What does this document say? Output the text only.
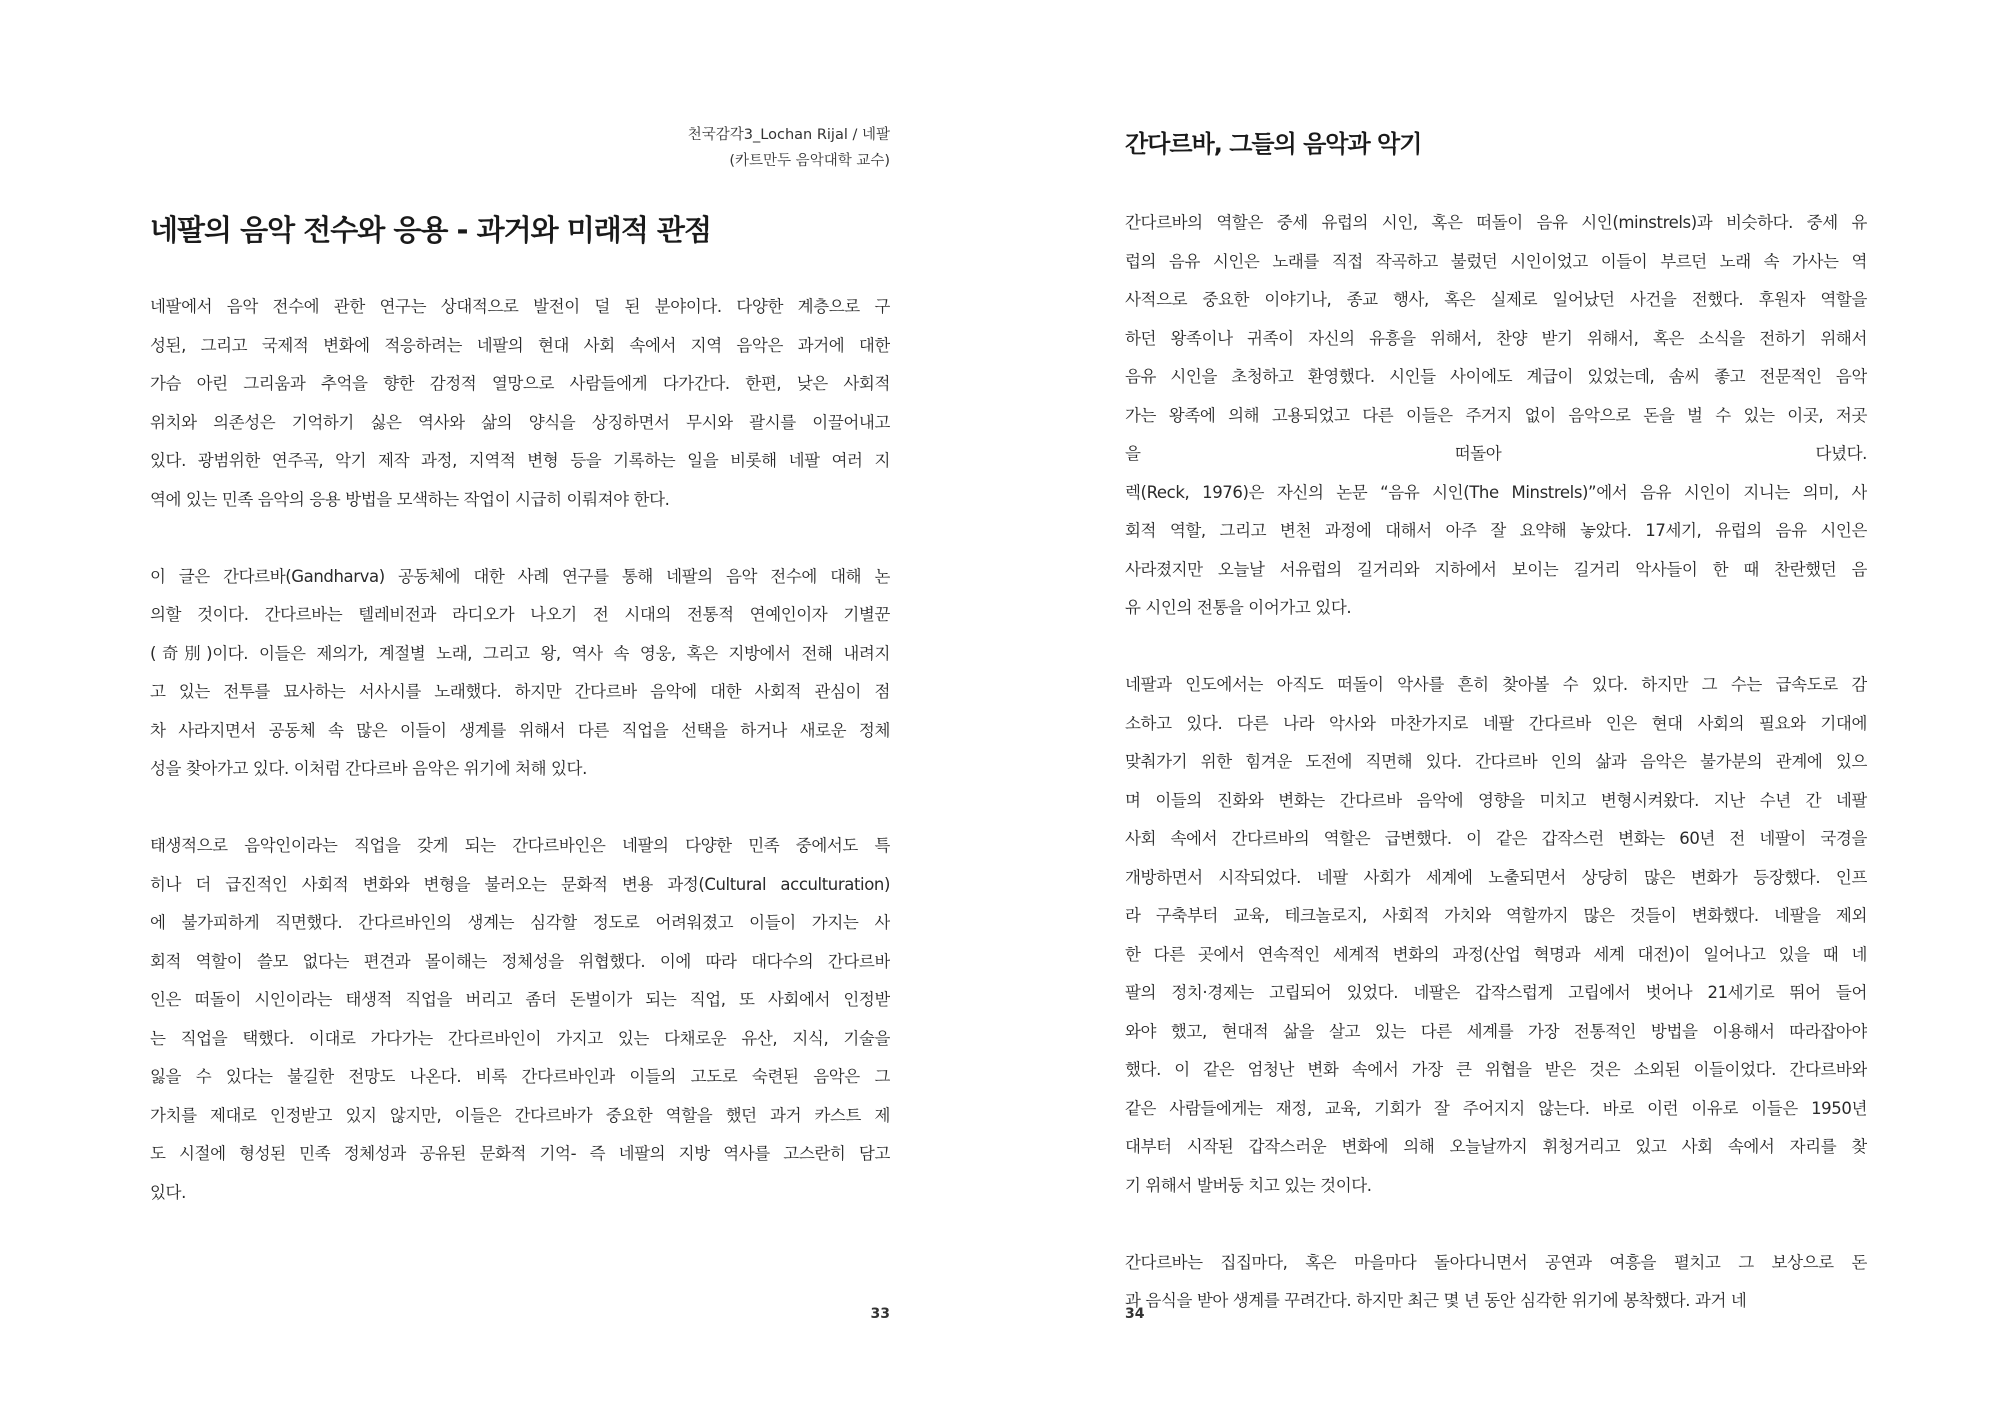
천국감각3_Lochan Rijal / 네팔
(카트만두 음악대학 교수)
네팔의 음악 전수와 응용 - 과거와 미래적 관점
네팔에서 음악 전수에 관한 연구는 상대적으로 발전이 덜 된 분야이다. 다양한 계층으로 구
성된, 그리고 국제적 변화에 적응하려는 네팔의 현대 사회 속에서 지역 음악은 과거에 대한
가슴 아린 그리움과 추억을 향한 감정적 열망으로 사람들에게 다가간다. 한편, 낮은 사회적
위치와 의존성은 기억하기 싫은 역사와 삶의 양식을 상징하면서 무시와 괄시를 이끌어내고
있다. 광범위한 연주곡, 악기 제작 과정, 지역적 변형 등을 기록하는 일을 비롯해 네팔 여러 지
역에 있는 민족 음악의 응용 방법을 모색하는 작업이 시급히 이뤄져야 한다.
이 글은 간다르바(Gandharva) 공동체에 대한 사례 연구를 통해 네팔의 음악 전수에 대해 논
의할 것이다. 간다르바는 텔레비전과 라디오가 나오기 전 시대의 전통적 연예인이자 기별꾼
(奇別)이다. 이들은 제의가, 계절별 노래, 그리고 왕, 역사 속 영웅, 혹은 지방에서 전해 내려지
고 있는 전투를 묘사하는 서사시를 노래했다. 하지만 간다르바 음악에 대한 사회적 관심이 점
차 사라지면서 공동체 속 많은 이들이 생계를 위해서 다른 직업을 선택을 하거나 새로운 정체
성을 찾아가고 있다. 이처럼 간다르바 음악은 위기에 처해 있다.
태생적으로 음악인이라는 직업을 갖게 되는 간다르바인은 네팔의 다양한 민족 중에서도 특
히나 더 급진적인 사회적 변화와 변형을 불러오는 문화적 변용 과정(Cultural acculturation)
에 불가피하게 직면했다. 간다르바인의 생계는 심각할 정도로 어려워졌고 이들이 가지는 사
회적 역할이 쓸모 없다는 편견과 몰이해는 정체성을 위협했다. 이에 따라 대다수의 간다르바
인은 떠돌이 시인이라는 태생적 직업을 버리고 좀더 돈벌이가 되는 직업, 또 사회에서 인정받
는 직업을 택했다. 이대로 가다가는 간다르바인이 가지고 있는 다채로운 유산, 지식, 기술을
잃을 수 있다는 불길한 전망도 나온다. 비록 간다르바인과 이들의 고도로 숙련된 음악은 그
가치를 제대로 인정받고 있지 않지만, 이들은 간다르바가 중요한 역할을 했던 과거 카스트 제
도 시절에 형성된 민족 정체성과 공유된 문화적 기억- 즉 네팔의 지방 역사를 고스란히 담고
있다.
33
간다르바, 그들의 음악과 악기
간다르바의 역할은 중세 유럽의 시인, 혹은 떠돌이 음유 시인(minstrels)과 비슷하다. 중세 유
럽의 음유 시인은 노래를 직접 작곡하고 불렀던 시인이었고 이들이 부르던 노래 속 가사는 역
사적으로 중요한 이야기나, 종교 행사, 혹은 실제로 일어났던 사건을 전했다. 후원자 역할을
하던 왕족이나 귀족이 자신의 유흥을 위해서, 찬양 받기 위해서, 혹은 소식을 전하기 위해서
음유 시인을 초청하고 환영했다. 시인들 사이에도 계급이 있었는데, 솜씨 좋고 전문적인 음악
가는 왕족에 의해 고용되었고 다른 이들은 주거지 없이 음악으로 돈을 벌 수 있는 이곳, 저곳
을 떠돌아 다녔다.
렉(Reck, 1976)은 자신의 논문 “음유 시인(The Minstrels)”에서 음유 시인이 지니는 의미, 사
회적 역할, 그리고 변천 과정에 대해서 아주 잘 요약해 놓았다. 17세기, 유럽의 음유 시인은
사라졌지만 오늘날 서유럽의 길거리와 지하에서 보이는 길거리 악사들이 한 때 찬란했던 음
유 시인의 전통을 이어가고 있다.
네팔과 인도에서는 아직도 떠돌이 악사를 흔히 찾아볼 수 있다. 하지만 그 수는 급속도로 감
소하고 있다. 다른 나라 악사와 마찬가지로 네팔 간다르바 인은 현대 사회의 필요와 기대에
맞춰가기 위한 힘겨운 도전에 직면해 있다. 간다르바 인의 삶과 음악은 불가분의 관계에 있으
며 이들의 진화와 변화는 간다르바 음악에 영향을 미치고 변형시켜왔다. 지난 수년 간 네팔
사회 속에서 간다르바의 역할은 급변했다. 이 같은 갑작스런 변화는 60년 전 네팔이 국경을
개방하면서 시작되었다. 네팔 사회가 세계에 노출되면서 상당히 많은 변화가 등장했다. 인프
라 구축부터 교육, 테크놀로지, 사회적 가치와 역할까지 많은 것들이 변화했다. 네팔을 제외
한 다른 곳에서 연속적인 세계적 변화의 과정(산업 혁명과 세계 대전)이 일어나고 있을 때 네
팔의 정치·경제는 고립되어 있었다. 네팔은 갑작스럽게 고립에서 벗어나 21세기로 뛰어 들어
와야 했고, 현대적 삶을 살고 있는 다른 세계를 가장 전통적인 방법을 이용해서 따라잡아야
했다. 이 같은 엄청난 변화 속에서 가장 큰 위협을 받은 것은 소외된 이들이었다. 간다르바와
같은 사람들에게는 재정, 교육, 기회가 잘 주어지지 않는다. 바로 이런 이유로 이들은 1950년
대부터 시작된 갑작스러운 변화에 의해 오늘날까지 휘청거리고 있고 사회 속에서 자리를 찾
기 위해서 발버둥 치고 있는 것이다.
간다르바는 집집마다, 혹은 마을마다 돌아다니면서 공연과 여흥을 펼치고 그 보상으로 돈
과 음식을 받아 생계를 꾸려간다. 하지만 최근 몇 년 동안 심각한 위기에 봉착했다. 과거 네
34
